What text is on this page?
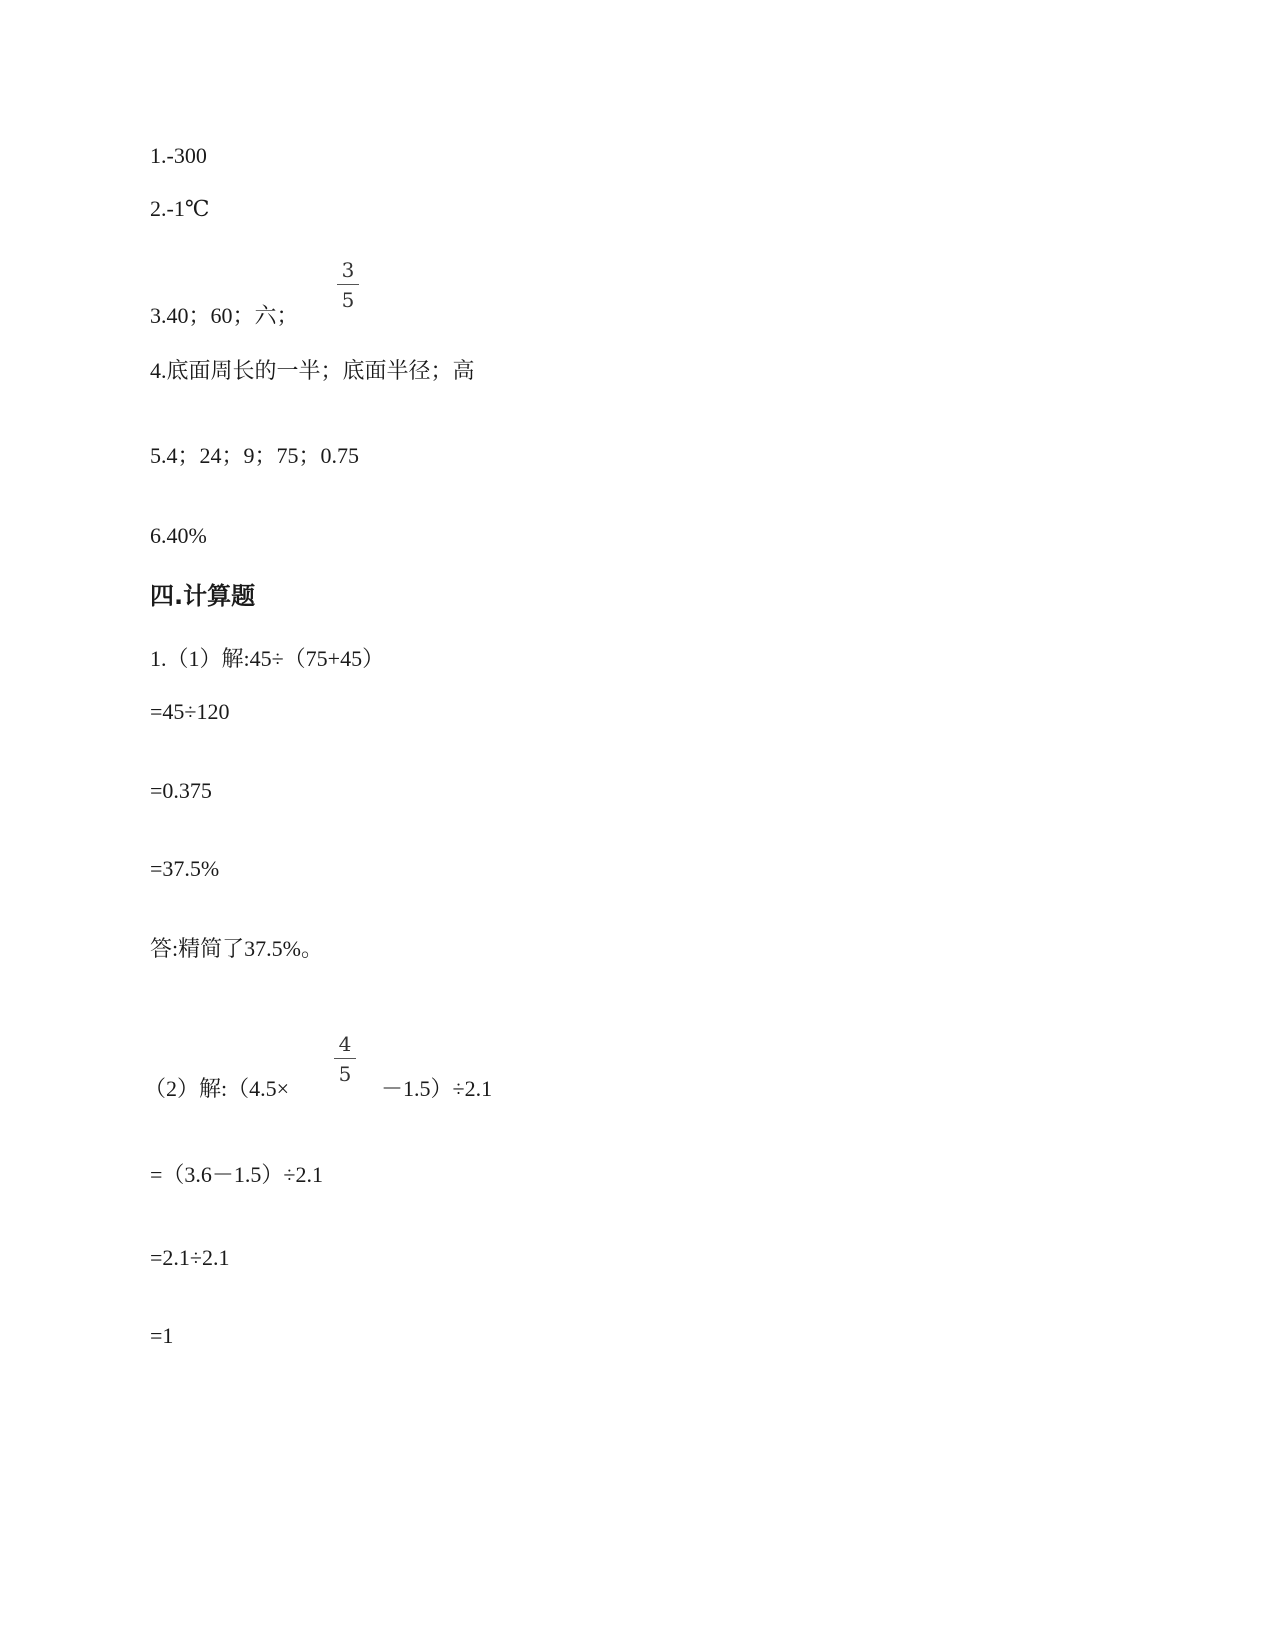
1.-300
2.-1℃
3.40；60；六；
3
5
4.底面周长的一半；底面半径；高
5.4；24；9；75；0.75
6.40%
四.计算题
1.（1）解:45÷（75+45）
=45÷120
=0.375
=37.5%
答:精简了37.5%。
（2）解:（4.5×	－1.5）÷2.1
4
5
=（3.6－1.5）÷2.1
=2.1÷2.1
=1
